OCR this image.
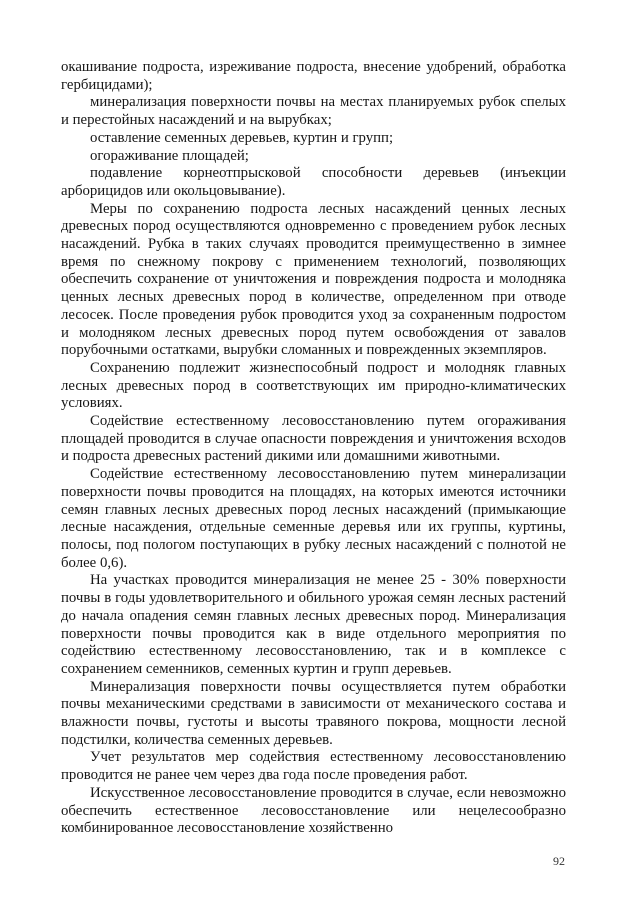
окашивание подроста, изреживание подроста, внесение удобрений, обработка гербицидами);

минерализация поверхности почвы на местах планируемых рубок спелых и перестойных насаждений и на вырубках;

оставление семенных деревьев, куртин и групп;

огораживание площадей;

подавление корнеотпрысковой способности деревьев (инъекции арборицидов или окольцовывание).

Меры по сохранению подроста лесных насаждений ценных лесных древесных пород осуществляются одновременно с проведением рубок лесных насаждений. Рубка в таких случаях проводится преимущественно в зимнее время по снежному покрову с применением технологий, позволяющих обеспечить сохранение от уничтожения и повреждения подроста и молодняка ценных лесных древесных пород в количестве, определенном при отводе лесосек. После проведения рубок проводится уход за сохраненным подростом и молодняком лесных древесных пород путем освобождения от завалов порубочными остатками, вырубки сломанных и поврежденных экземпляров.

Сохранению подлежит жизнеспособный подрост и молодняк главных лесных древесных пород в соответствующих им природно-климатических условиях.

Содействие естественному лесовосстановлению путем огораживания площадей проводится в случае опасности повреждения и уничтожения всходов и подроста древесных растений дикими или домашними животными.

Содействие естественному лесовосстановлению путем минерализации поверхности почвы проводится на площадях, на которых имеются источники семян главных лесных древесных пород лесных насаждений (примыкающие лесные насаждения, отдельные семенные деревья или их группы, куртины, полосы, под пологом поступающих в рубку лесных насаждений с полнотой не более 0,6).

На участках проводится минерализация не менее 25 - 30% поверхности почвы в годы удовлетворительного и обильного урожая семян лесных растений до начала опадения семян главных лесных древесных пород. Минерализация поверхности почвы проводится как в виде отдельного мероприятия по содействию естественному лесовосстановлению, так и в комплексе с сохранением семенников, семенных куртин и групп деревьев.

Минерализация поверхности почвы осуществляется путем обработки почвы механическими средствами в зависимости от механического состава и влажности почвы, густоты и высоты травяного покрова, мощности лесной подстилки, количества семенных деревьев.

Учет результатов мер содействия естественному лесовосстановлению проводится не ранее чем через два года после проведения работ.

Искусственное лесовосстановление проводится в случае, если невозможно обеспечить естественное лесовосстановление или нецелесообразно комбинированное лесовосстановление хозяйственно

92
